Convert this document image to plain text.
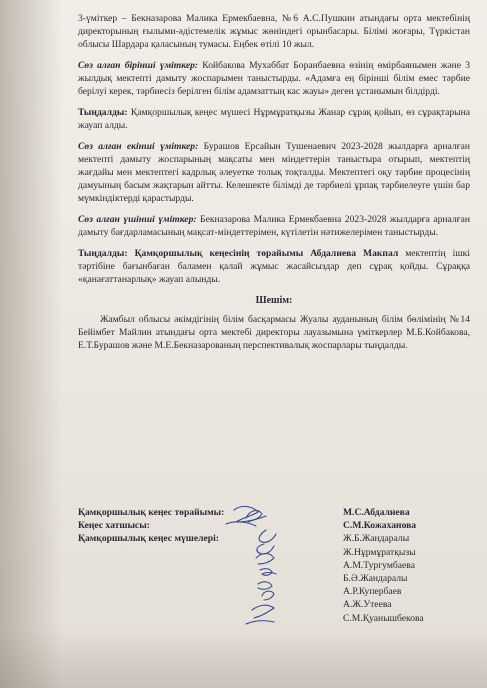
3-үміткер – Бекназарова Малика Ермекбаевна, №6 А.С.Пушкин атындағы орта мектебінің директорының ғылыми-әдістемелік жұмыс жөніндегі орынбасары. Білімі жоғары, Түркістан облысы Шардара қаласының тумасы. Еңбек өтілі 10 жыл.

Сөз алған бірінші үміткер: Койбакова Мухаббат Боранбаевна өзінің өмірбаянымен және 3 жылдық мектепті дамыту жоспарымен таныстырды. «Адамға ең бірінші білім емес тәрбие берілуі керек, тәрбиесіз берілген білім адамзаттың кас жауы» деген ұстанымын білдірді.

Тыңдалды: Қамқоршылық кеңес мүшесі Нұрмұратқызы Жанар сұрақ қойып, өз сұрақтарына жауап алды.

Сөз алған екінші үміткер: Бурашов Ерсайын Тушенаевич 2023-2028 жылдарға арналған мектепті дамыту жоспарының мақсаты мен міндеттерін таныстыра отырып, мектептің жағдайы мен мектептегі кадрлық әлеуетке толық тоқталды. Мектептегі оқу тәрбие процесінің дамуының басым жақтарын айтты. Келешекте білімді де тәрбиелі ұрпақ тәрбиелеуге үшін бар мүмкіндіктерді қарастырды.

Сөз алған үшінші үміткер: Бекназарова Малика Ермекбаевна 2023-2028 жылдарға арналған дамыту бағдарламасының мақсат-міндеттерімен, күтілетін нәтижелерімен таныстырды.

Тыңдалды: Қамқоршылық кеңесінің төрайымы Абдалиева Макпал мектептің ішкі тәртібіне бағынбаған баламен қалай жұмыс жасайсыздар деп сұрақ қойды. Сұраққа «қанағаттанарлық» жауап алынды.

Шешім:

Жамбыл облысы әкімдігінің білім басқармасы Жуалы ауданының білім бөлімінің №14 Бейімбет Майлин атындағы орта мектебі директоры лауазымына үміткерлер М.Б.Койбакова, Е.Т.Бурашов және М.Е.Бекназарованың перспективалық жоспарлары тыңдалды.

Қамқоршылық кеңес төрайымы:	М.С.Абдалиева
Кеңес хатшысы:	С.М.Кожаханова
Қамқоршылық кеңес мүшелері:	Ж.Б.Жандаралы
Ж.Нұрмұратқызы
А.М.Тургумбаева
Б.Ә.Жандаралы
А.Р.Купербаев
А.Ж.Утеева
С.М.Қуанышбекова
